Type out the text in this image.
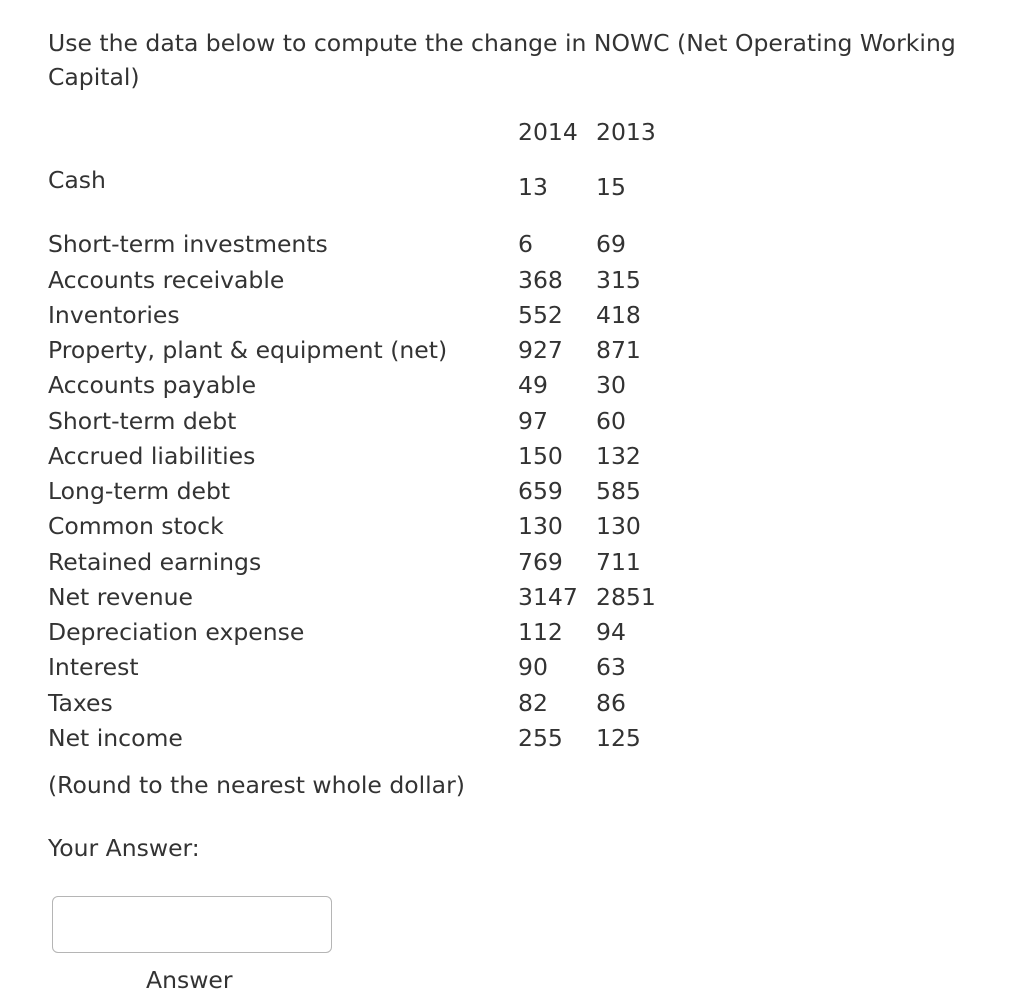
Use the data below to compute the change in NOWC (Net Operating Working Capital)
2014 2013
Cash	13 15
Short-term investments	6	69
Accounts receivable	368 315
Inventories	552 418
Property, plant & equipment (net)	927 871
Accounts payable	49 30
Short-term debt	97 60
Accrued liabilities	150 132
Long-term debt	659 585
Common stock	130 130
Retained earnings	769 711
Net revenue	3147 2851
Depreciation expense	112 94
Interest	90 63
Taxes	82 86
Net income	255 125
(Round to the nearest whole dollar)
Your Answer:
Answer
